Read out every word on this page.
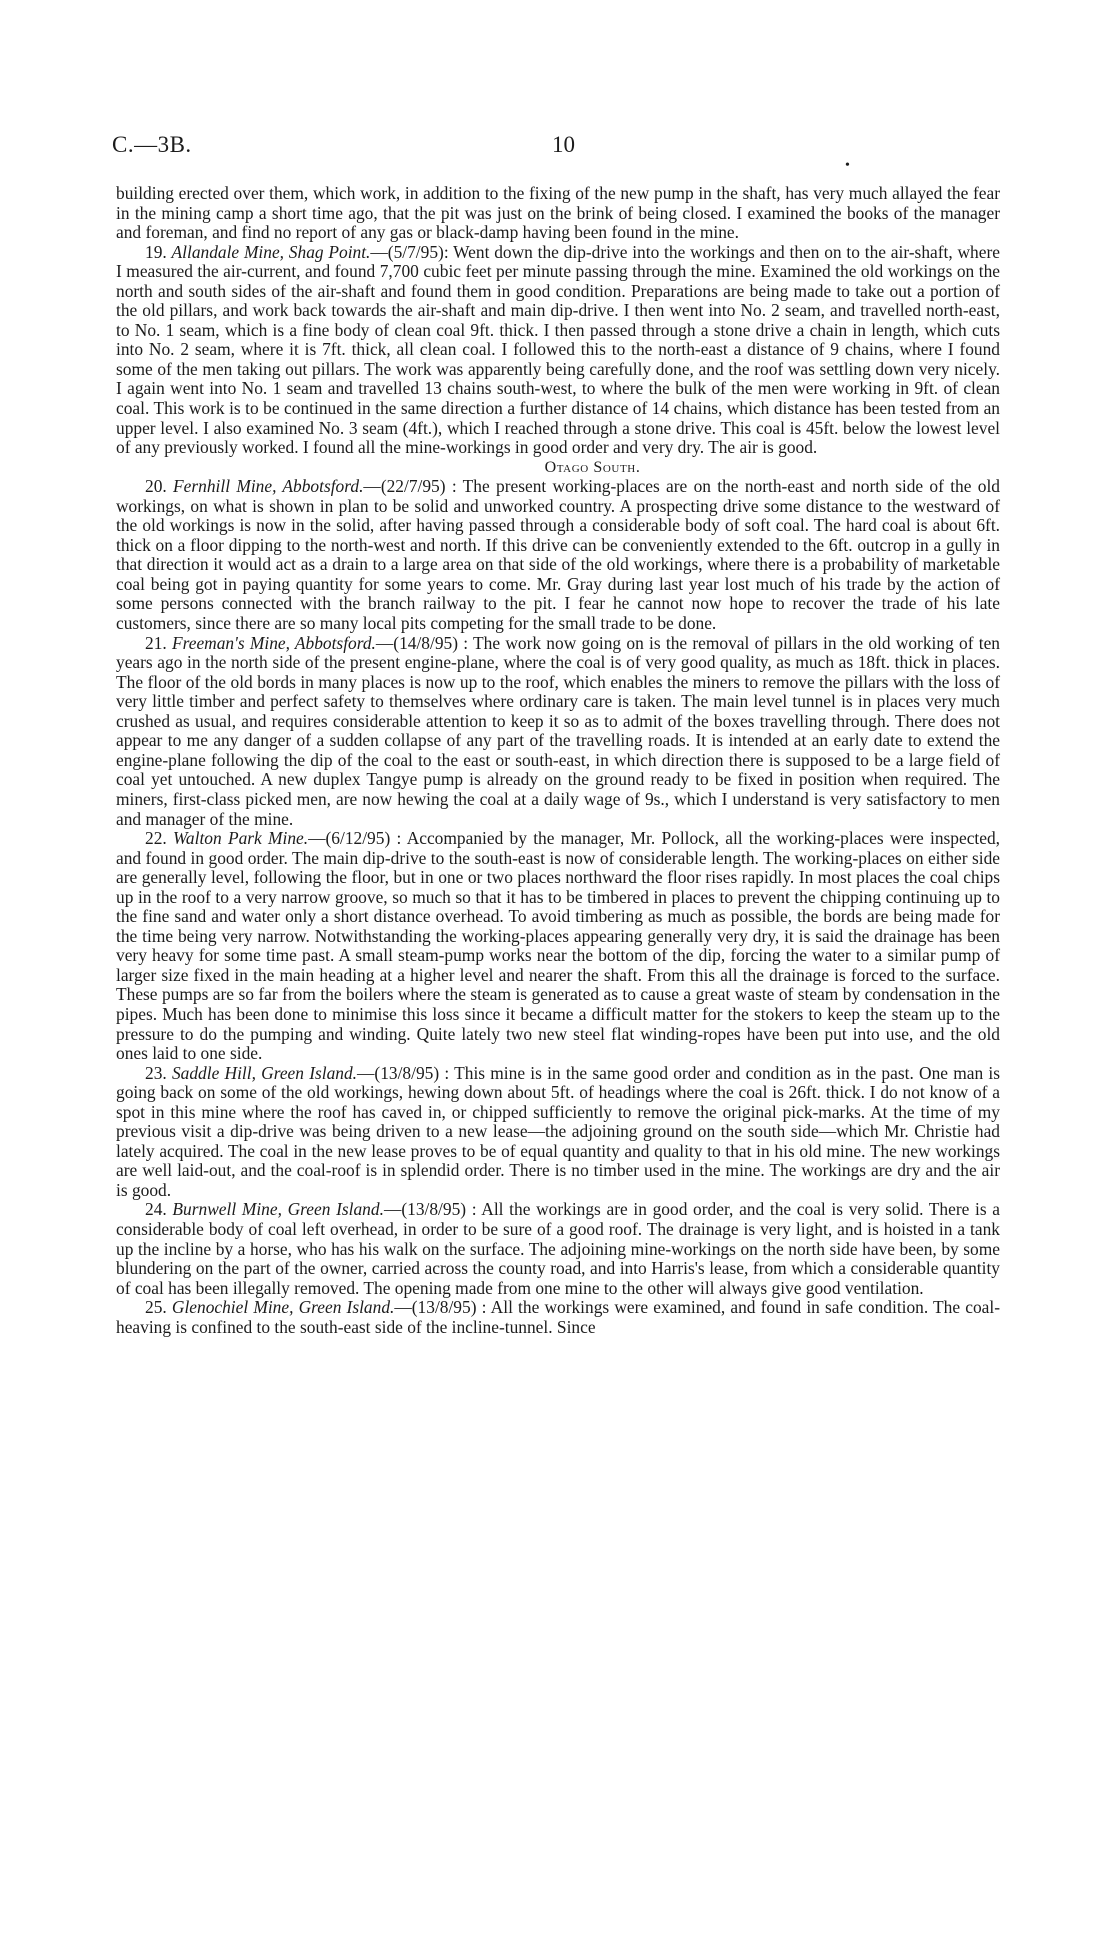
C.—3B.	10
•

building erected over them, which work, in addition to the fixing of the new pump in the shaft, has very much allayed the fear in the mining camp a short time ago, that the pit was just on the brink of being closed. I examined the books of the manager and foreman, and find no report of any gas or black-damp having been found in the mine.

19. Allandale Mine, Shag Point.—(5/7/95): Went down the dip-drive into the workings and then on to the air-shaft, where I measured the air-current, and found 7,700 cubic feet per minute passing through the mine. Examined the old workings on the north and south sides of the air-shaft and found them in good condition. Preparations are being made to take out a portion of the old pillars, and work back towards the air-shaft and main dip-drive. I then went into No. 2 seam, and travelled north-east, to No. 1 seam, which is a fine body of clean coal 9ft. thick. I then passed through a stone drive a chain in length, which cuts into No. 2 seam, where it is 7ft. thick, all clean coal. I followed this to the north-east a distance of 9 chains, where I found some of the men taking out pillars. The work was apparently being carefully done, and the roof was settling down very nicely. I again went into No. 1 seam and travelled 13 chains south-west, to where the bulk of the men were working in 9ft. of clean coal. This work is to be continued in the same direction a further distance of 14 chains, which distance has been tested from an upper level. I also examined No. 3 seam (4ft.), which I reached through a stone drive. This coal is 45ft. below the lowest level of any previously worked. I found all the mine-workings in good order and very dry. The air is good.

Otago South.

20. Fernhill Mine, Abbotsford.—(22/7/95) : The present working-places are on the north-east and north side of the old workings, on what is shown in plan to be solid and unworked country. A prospecting drive some distance to the westward of the old workings is now in the solid, after having passed through a considerable body of soft coal. The hard coal is about 6ft. thick on a floor dipping to the north-west and north. If this drive can be conveniently extended to the 6ft. outcrop in a gully in that direction it would act as a drain to a large area on that side of the old workings, where there is a probability of marketable coal being got in paying quantity for some years to come. Mr. Gray during last year lost much of his trade by the action of some persons connected with the branch railway to the pit. I fear he cannot now hope to recover the trade of his late customers, since there are so many local pits competing for the small trade to be done.

21. Freeman's Mine, Abbotsford.—(14/8/95) : The work now going on is the removal of pillars in the old working of ten years ago in the north side of the present engine-plane, where the coal is of very good quality, as much as 18ft. thick in places. The floor of the old bords in many places is now up to the roof, which enables the miners to remove the pillars with the loss of very little timber and perfect safety to themselves where ordinary care is taken. The main level tunnel is in places very much crushed as usual, and requires considerable attention to keep it so as to admit of the boxes travelling through. There does not appear to me any danger of a sudden collapse of any part of the travelling roads. It is intended at an early date to extend the engine-plane following the dip of the coal to the east or south-east, in which direction there is supposed to be a large field of coal yet untouched. A new duplex Tangye pump is already on the ground ready to be fixed in position when required. The miners, first-class picked men, are now hewing the coal at a daily wage of 9s., which I understand is very satisfactory to men and manager of the mine.

22. Walton Park Mine.—(6/12/95) : Accompanied by the manager, Mr. Pollock, all the working-places were inspected, and found in good order. The main dip-drive to the south-east is now of considerable length. The working-places on either side are generally level, following the floor, but in one or two places northward the floor rises rapidly. In most places the coal chips up in the roof to a very narrow groove, so much so that it has to be timbered in places to prevent the chipping continuing up to the fine sand and water only a short distance overhead. To avoid timbering as much as possible, the bords are being made for the time being very narrow. Notwithstanding the working-places appearing generally very dry, it is said the drainage has been very heavy for some time past. A small steam-pump works near the bottom of the dip, forcing the water to a similar pump of larger size fixed in the main heading at a higher level and nearer the shaft. From this all the drainage is forced to the surface. These pumps are so far from the boilers where the steam is generated as to cause a great waste of steam by condensation in the pipes. Much has been done to minimise this loss since it became a difficult matter for the stokers to keep the steam up to the pressure to do the pumping and winding. Quite lately two new steel flat winding-ropes have been put into use, and the old ones laid to one side.

23. Saddle Hill, Green Island.—(13/8/95) : This mine is in the same good order and condition as in the past. One man is going back on some of the old workings, hewing down about 5ft. of headings where the coal is 26ft. thick. I do not know of a spot in this mine where the roof has caved in, or chipped sufficiently to remove the original pick-marks. At the time of my previous visit a dip-drive was being driven to a new lease—the adjoining ground on the south side—which Mr. Christie had lately acquired. The coal in the new lease proves to be of equal quantity and quality to that in his old mine. The new workings are well laid-out, and the coal-roof is in splendid order. There is no timber used in the mine. The workings are dry and the air is good.

24. Burnwell Mine, Green Island.—(13/8/95) : All the workings are in good order, and the coal is very solid. There is a considerable body of coal left overhead, in order to be sure of a good roof. The drainage is very light, and is hoisted in a tank up the incline by a horse, who has his walk on the surface. The adjoining mine-workings on the north side have been, by some blundering on the part of the owner, carried across the county road, and into Harris's lease, from which a considerable quantity of coal has been illegally removed. The opening made from one mine to the other will always give good ventilation.

25. Glenochiel Mine, Green Island.—(13/8/95) : All the workings were examined, and found in safe condition. The coal-heaving is confined to the south-east side of the incline-tunnel. Since
